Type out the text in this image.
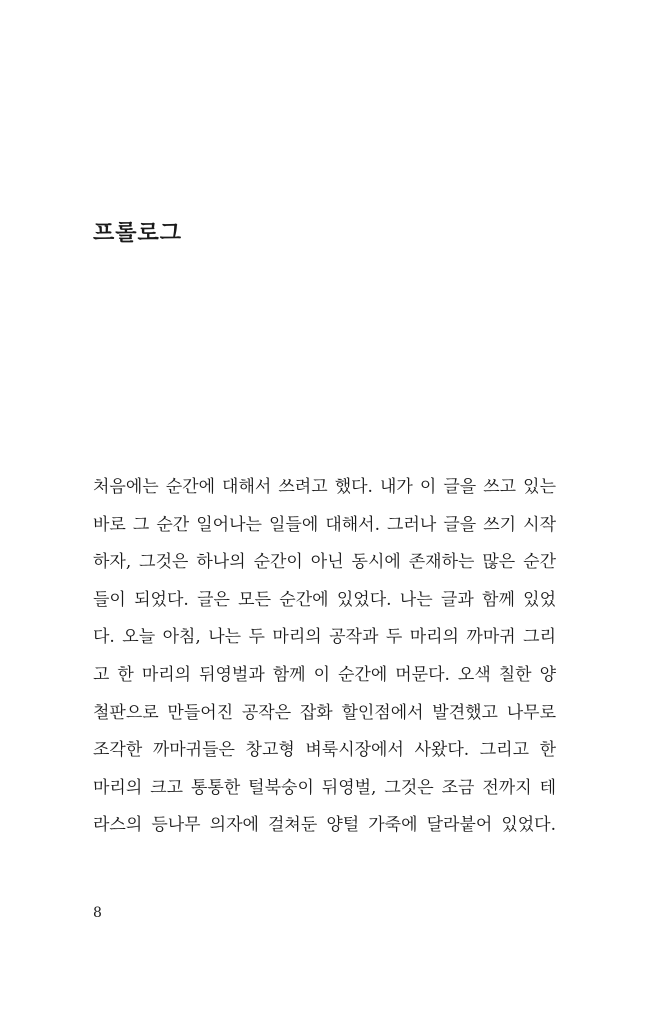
프롤로그
처음에는 순간에 대해서 쓰려고 했다. 내가 이 글을 쓰고 있는
바로 그 순간 일어나는 일들에 대해서. 그러나 글을 쓰기 시작
하자, 그것은 하나의 순간이 아닌 동시에 존재하는 많은 순간
들이 되었다. 글은 모든 순간에 있었다. 나는 글과 함께 있었
다. 오늘 아침, 나는 두 마리의 공작과 두 마리의 까마귀 그리
고 한 마리의 뒤영벌과 함께 이 순간에 머문다. 오색 칠한 양
철판으로 만들어진 공작은 잡화 할인점에서 발견했고 나무로
조각한 까마귀들은 창고형 벼룩시장에서 사왔다. 그리고 한
마리의 크고 통통한 털북숭이 뒤영벌, 그것은 조금 전까지 테
라스의 등나무 의자에 걸쳐둔 양털 가죽에 달라붙어 있었다.
8
